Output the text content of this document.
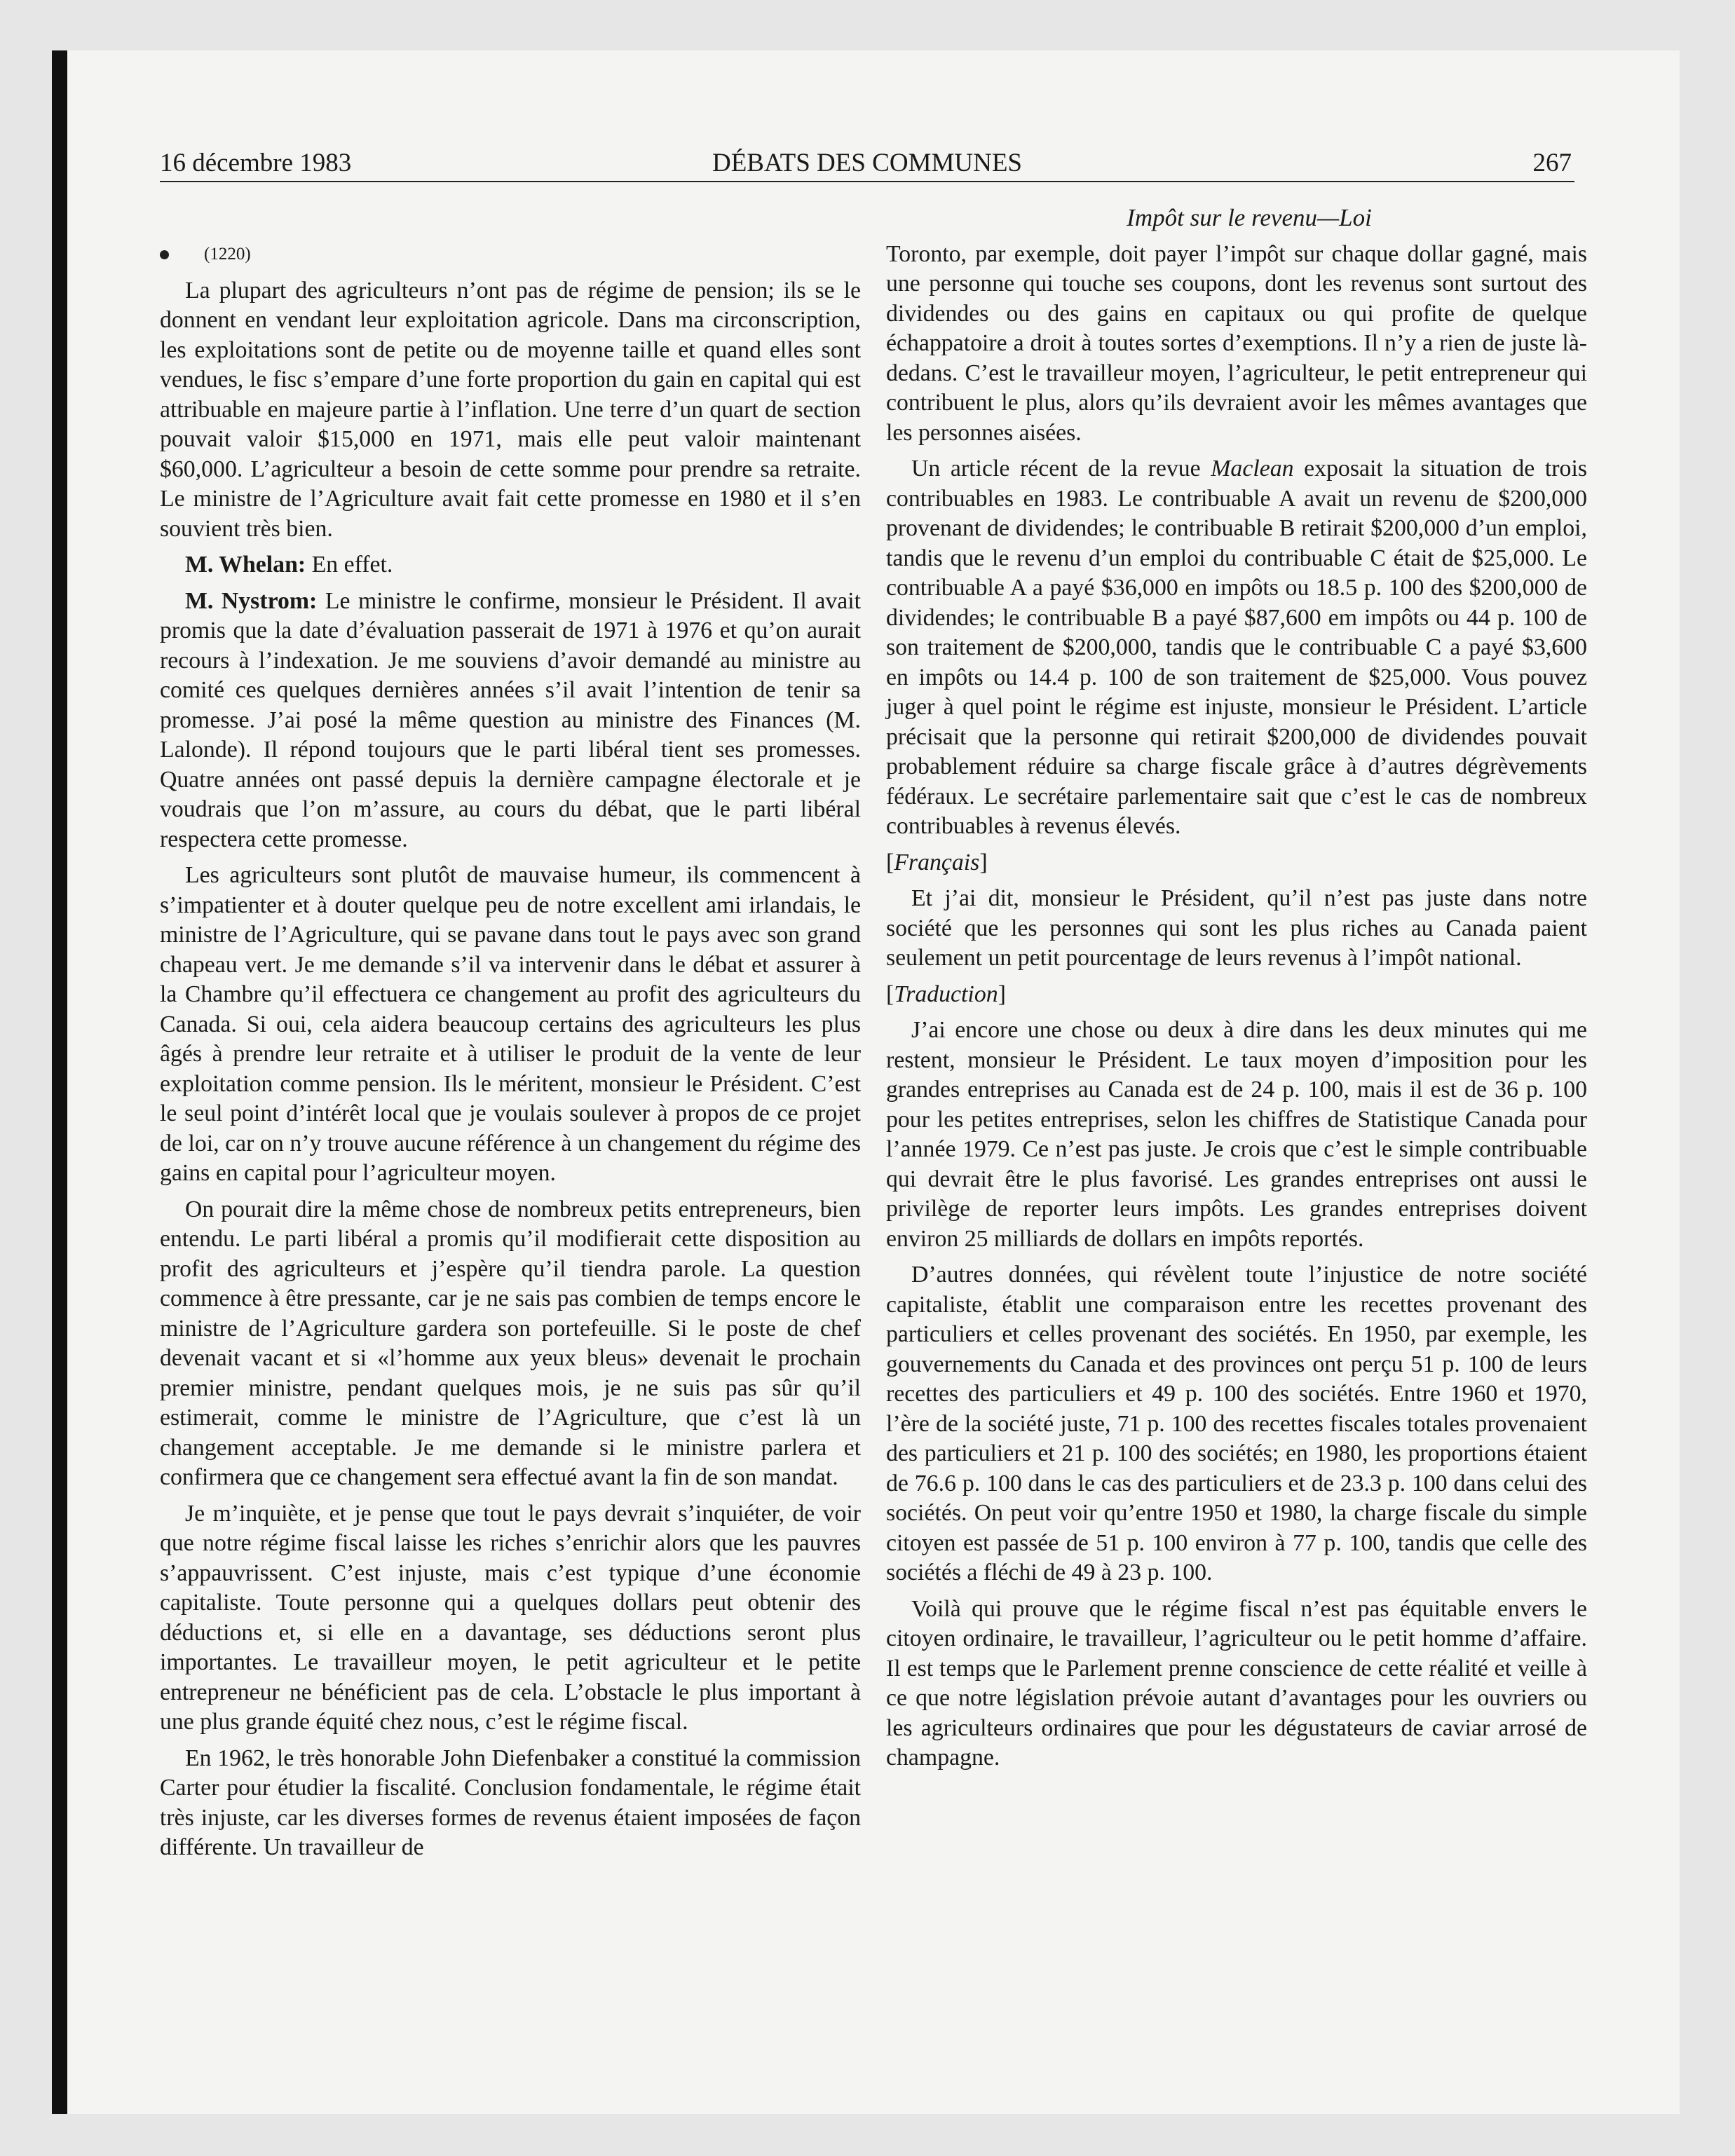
16 décembre 1983	DÉBATS DES COMMUNES	267

(1220)

La plupart des agriculteurs n’ont pas de régime de pension; ils se le donnent en vendant leur exploitation agricole. Dans ma circonscription, les exploitations sont de petite ou de moyenne taille et quand elles sont vendues, le fisc s’empare d’une forte proportion du gain en capital qui est attribuable en majeure partie à l’inflation. Une terre d’un quart de section pouvait valoir $15,000 en 1971, mais elle peut valoir maintenant $60,000. L’agriculteur a besoin de cette somme pour prendre sa retraite. Le ministre de l’Agriculture avait fait cette promesse en 1980 et il s’en souvient très bien.

M. Whelan: En effet.

M. Nystrom: Le ministre le confirme, monsieur le Président. Il avait promis que la date d’évaluation passerait de 1971 à 1976 et qu’on aurait recours à l’indexation. Je me souviens d’avoir demandé au ministre au comité ces quelques dernières années s’il avait l’intention de tenir sa promesse. J’ai posé la même question au ministre des Finances (M. Lalonde). Il répond toujours que le parti libéral tient ses promesses. Quatre années ont passé depuis la dernière campagne électorale et je voudrais que l’on m’assure, au cours du débat, que le parti libéral respectera cette promesse.

Les agriculteurs sont plutôt de mauvaise humeur, ils commencent à s’impatienter et à douter quelque peu de notre excellent ami irlandais, le ministre de l’Agriculture, qui se pavane dans tout le pays avec son grand chapeau vert. Je me demande s’il va intervenir dans le débat et assurer à la Chambre qu’il effectuera ce changement au profit des agriculteurs du Canada. Si oui, cela aidera beaucoup certains des agriculteurs les plus âgés à prendre leur retraite et à utiliser le produit de la vente de leur exploitation comme pension. Ils le méritent, monsieur le Président. C’est le seul point d’intérêt local que je voulais soulever à propos de ce projet de loi, car on n’y trouve aucune référence à un changement du régime des gains en capital pour l’agriculteur moyen.

On pourait dire la même chose de nombreux petits entrepreneurs, bien entendu. Le parti libéral a promis qu’il modifierait cette disposition au profit des agriculteurs et j’espère qu’il tiendra parole. La question commence à être pressante, car je ne sais pas combien de temps encore le ministre de l’Agriculture gardera son portefeuille. Si le poste de chef devenait vacant et si «l’homme aux yeux bleus» devenait le prochain premier ministre, pendant quelques mois, je ne suis pas sûr qu’il estimerait, comme le ministre de l’Agriculture, que c’est là un changement acceptable. Je me demande si le ministre parlera et confirmera que ce changement sera effectué avant la fin de son mandat.

Je m’inquiète, et je pense que tout le pays devrait s’inquiéter, de voir que notre régime fiscal laisse les riches s’enrichir alors que les pauvres s’appauvrissent. C’est injuste, mais c’est typique d’une économie capitaliste. Toute personne qui a quelques dollars peut obtenir des déductions et, si elle en a davantage, ses déductions seront plus importantes. Le travailleur moyen, le petit agriculteur et le petite entrepreneur ne bénéficient pas de cela. L’obstacle le plus important à une plus grande équité chez nous, c’est le régime fiscal.

En 1962, le très honorable John Diefenbaker a constitué la commission Carter pour étudier la fiscalité. Conclusion fondamentale, le régime était très injuste, car les diverses formes de revenus étaient imposées de façon différente. Un travailleur de

Impôt sur le revenu—Loi

Toronto, par exemple, doit payer l’impôt sur chaque dollar gagné, mais une personne qui touche ses coupons, dont les revenus sont surtout des dividendes ou des gains en capitaux ou qui profite de quelque échappatoire a droit à toutes sortes d’exemptions. Il n’y a rien de juste là-dedans. C’est le travailleur moyen, l’agriculteur, le petit entrepreneur qui contribuent le plus, alors qu’ils devraient avoir les mêmes avantages que les personnes aisées.

Un article récent de la revue Maclean exposait la situation de trois contribuables en 1983. Le contribuable A avait un revenu de $200,000 provenant de dividendes; le contribuable B retirait $200,000 d’un emploi, tandis que le revenu d’un emploi du contribuable C était de $25,000. Le contribuable A a payé $36,000 en impôts ou 18.5 p. 100 des $200,000 de dividendes; le contribuable B a payé $87,600 em impôts ou 44 p. 100 de son traitement de $200,000, tandis que le contribuable C a payé $3,600 en impôts ou 14.4 p. 100 de son traitement de $25,000. Vous pouvez juger à quel point le régime est injuste, monsieur le Président. L’article précisait que la personne qui retirait $200,000 de dividendes pouvait probablement réduire sa charge fiscale grâce à d’autres dégrèvements fédéraux. Le secrétaire parlementaire sait que c’est le cas de nombreux contribuables à revenus élevés.

[Français]

Et j’ai dit, monsieur le Président, qu’il n’est pas juste dans notre société que les personnes qui sont les plus riches au Canada paient seulement un petit pourcentage de leurs revenus à l’impôt national.

[Traduction]

J’ai encore une chose ou deux à dire dans les deux minutes qui me restent, monsieur le Président. Le taux moyen d’imposition pour les grandes entreprises au Canada est de 24 p. 100, mais il est de 36 p. 100 pour les petites entreprises, selon les chiffres de Statistique Canada pour l’année 1979. Ce n’est pas juste. Je crois que c’est le simple contribuable qui devrait être le plus favorisé. Les grandes entreprises ont aussi le privilège de reporter leurs impôts. Les grandes entreprises doivent environ 25 milliards de dollars en impôts reportés.

D’autres données, qui révèlent toute l’injustice de notre société capitaliste, établit une comparaison entre les recettes provenant des particuliers et celles provenant des sociétés. En 1950, par exemple, les gouvernements du Canada et des provinces ont perçu 51 p. 100 de leurs recettes des particuliers et 49 p. 100 des sociétés. Entre 1960 et 1970, l’ère de la société juste, 71 p. 100 des recettes fiscales totales provenaient des particuliers et 21 p. 100 des sociétés; en 1980, les proportions étaient de 76.6 p. 100 dans le cas des particuliers et de 23.3 p. 100 dans celui des sociétés. On peut voir qu’entre 1950 et 1980, la charge fiscale du simple citoyen est passée de 51 p. 100 environ à 77 p. 100, tandis que celle des sociétés a fléchi de 49 à 23 p. 100.

Voilà qui prouve que le régime fiscal n’est pas équitable envers le citoyen ordinaire, le travailleur, l’agriculteur ou le petit homme d’affaire. Il est temps que le Parlement prenne conscience de cette réalité et veille à ce que notre législation prévoie autant d’avantages pour les ouvriers ou les agriculteurs ordinaires que pour les dégustateurs de caviar arrosé de champagne.
